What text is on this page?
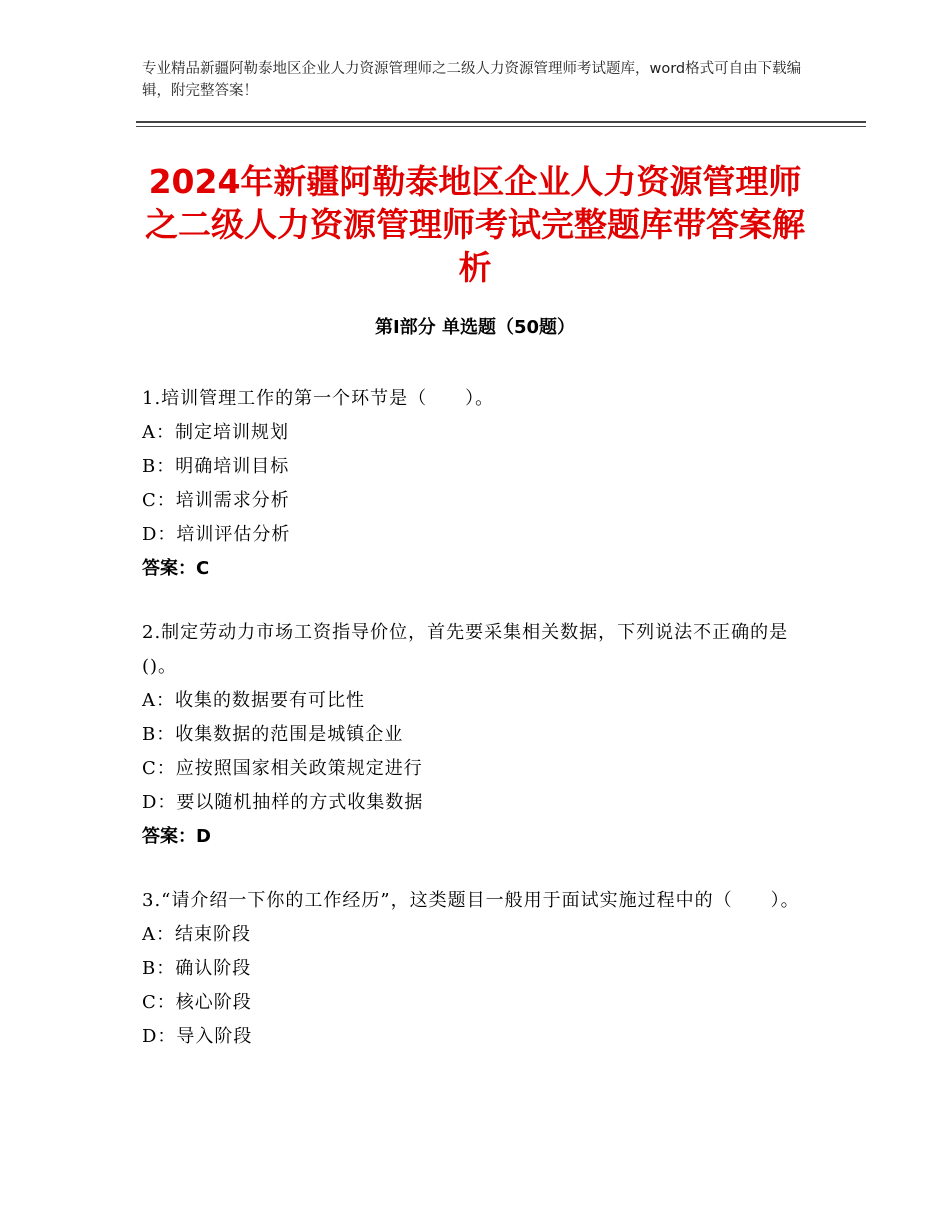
专业精品新疆阿勒泰地区企业人力资源管理师之二级人力资源管理师考试题库，word格式可自由下载编辑，附完整答案！
2024年新疆阿勒泰地区企业人力资源管理师之二级人力资源管理师考试完整题库带答案解析
第Ⅰ部分 单选题（50题）
1.培训管理工作的第一个环节是（　　）。
A：制定培训规划
B：明确培训目标
C：培训需求分析
D：培训评估分析
答案：C
2.制定劳动力市场工资指导价位，首先要采集相关数据，下列说法不正确的是()。
A：收集的数据要有可比性
B：收集数据的范围是城镇企业
C：应按照国家相关政策规定进行
D：要以随机抽样的方式收集数据
答案：D
3.“请介绍一下你的工作经历”，这类题目一般用于面试实施过程中的（　　）。
A：结束阶段
B：确认阶段
C：核心阶段
D：导入阶段
